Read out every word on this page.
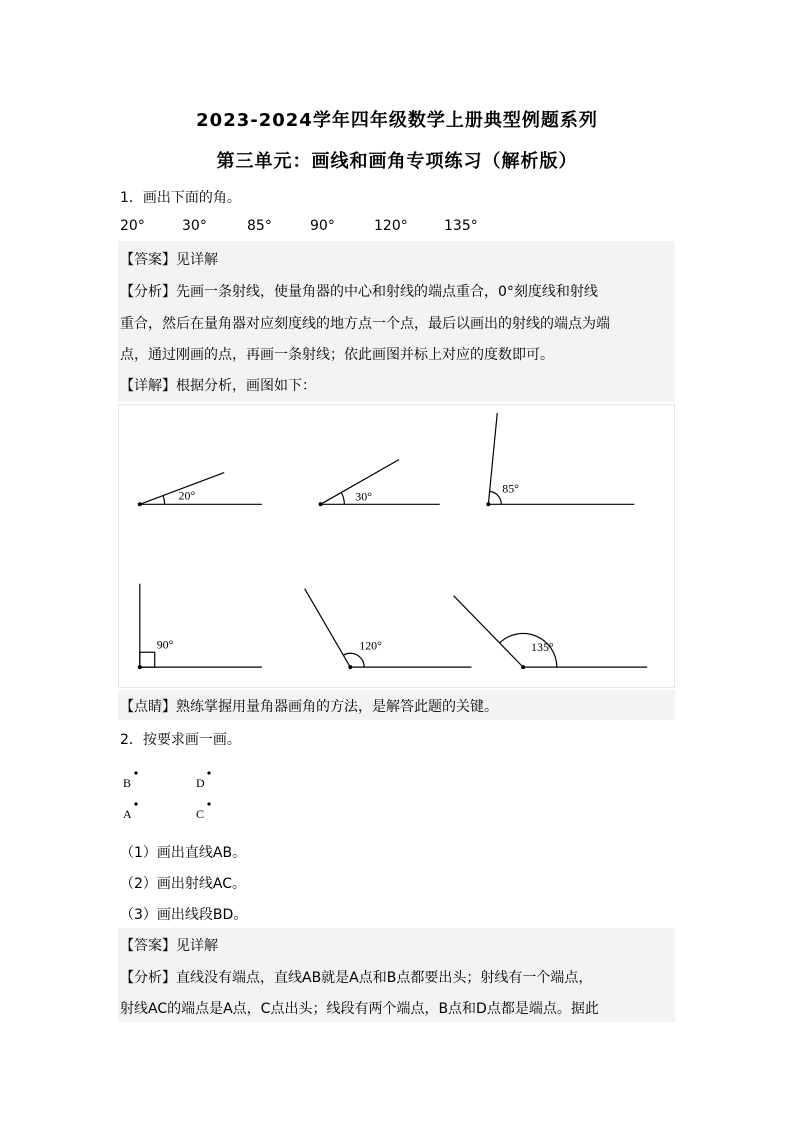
2023-2024学年四年级数学上册典型例题系列
第三单元：画线和画角专项练习（解析版）
1．画出下面的角。
20°	30°	85°	90°	120°	135°
【答案】见详解
【分析】先画一条射线，使量角器的中心和射线的端点重合，0°刻度线和射线
重合，然后在量角器对应刻度线的地方点一个点，最后以画出的射线的端点为端
点，通过刚画的点，再画一条射线；依此画图并标上对应的度数即可。
【详解】根据分析，画图如下：
20°	30°
85°
90°	120°	135°
【点睛】熟练掌握用量角器画角的方法，是解答此题的关键。
2．按要求画一画。
B	D
A	C
（1）画出直线AB。
（2）画出射线AC。
（3）画出线段BD。
【答案】见详解
【分析】直线没有端点，直线AB就是A点和B点都要出头；射线有一个端点，
射线AC的端点是A点，C点出头；线段有两个端点，B点和D点都是端点。据此
